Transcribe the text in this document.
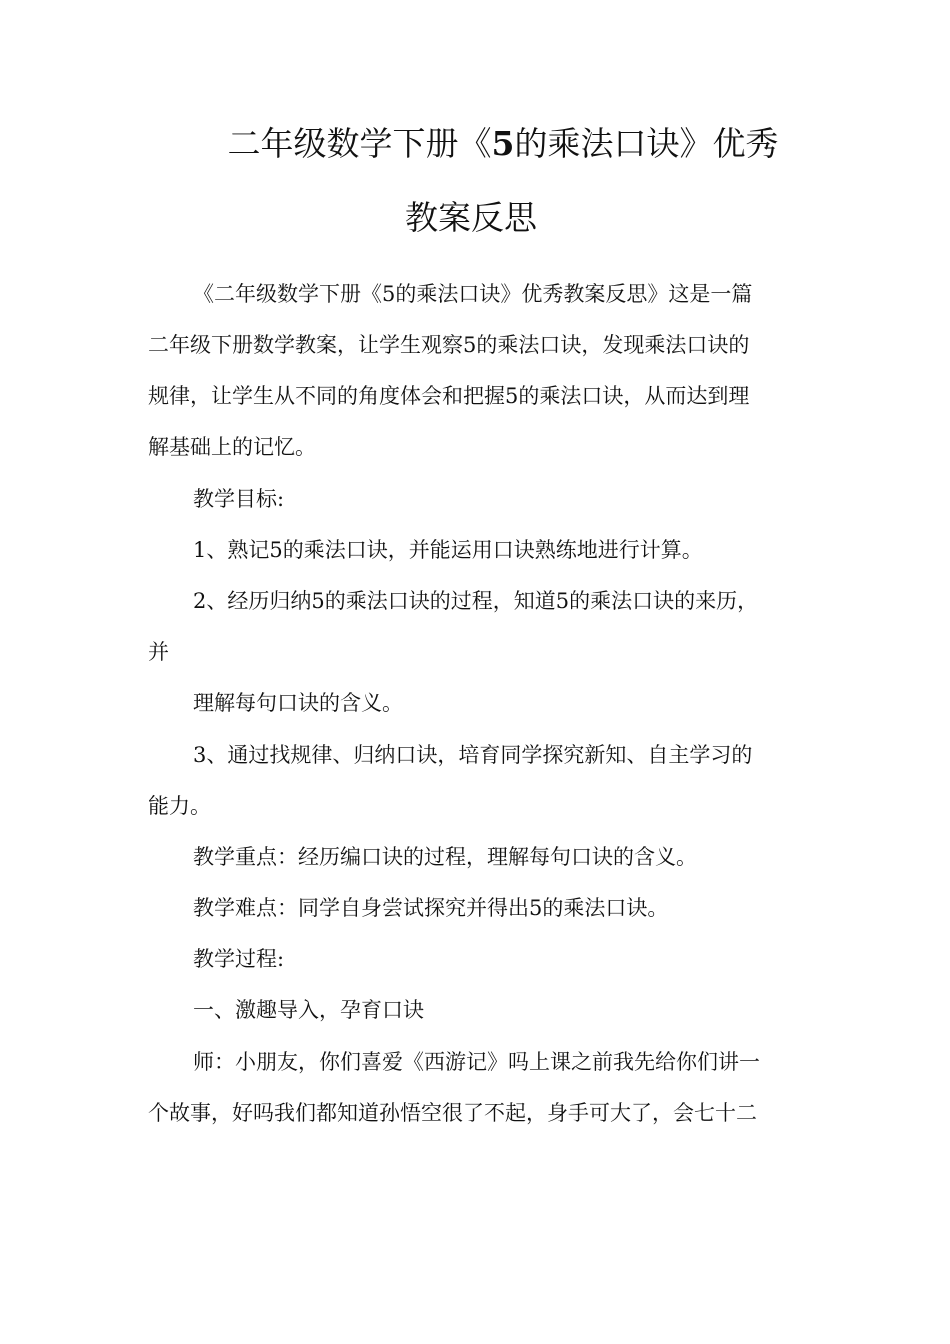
二年级数学下册《5的乘法口诀》优秀
教案反思
《二年级数学下册《5的乘法口诀》优秀教案反思》这是一篇
二年级下册数学教案，让学生观察5的乘法口诀，发现乘法口诀的
规律，让学生从不同的角度体会和把握5的乘法口诀，从而达到理
解基础上的记忆。
教学目标:
1、熟记5的乘法口诀，并能运用口诀熟练地进行计算。
2、经历归纳5的乘法口诀的过程，知道5的乘法口诀的来历，
并
理解每句口诀的含义。
3、通过找规律、归纳口诀，培育同学探究新知、自主学习的
能力。
教学重点：经历编口诀的过程，理解每句口诀的含义。
教学难点：同学自身尝试探究并得出5的乘法口诀。
教学过程:
一、激趣导入，孕育口诀
师：小朋友，你们喜爱《西游记》吗上课之前我先给你们讲一
个故事，好吗我们都知道孙悟空很了不起，身手可大了，会七十二
